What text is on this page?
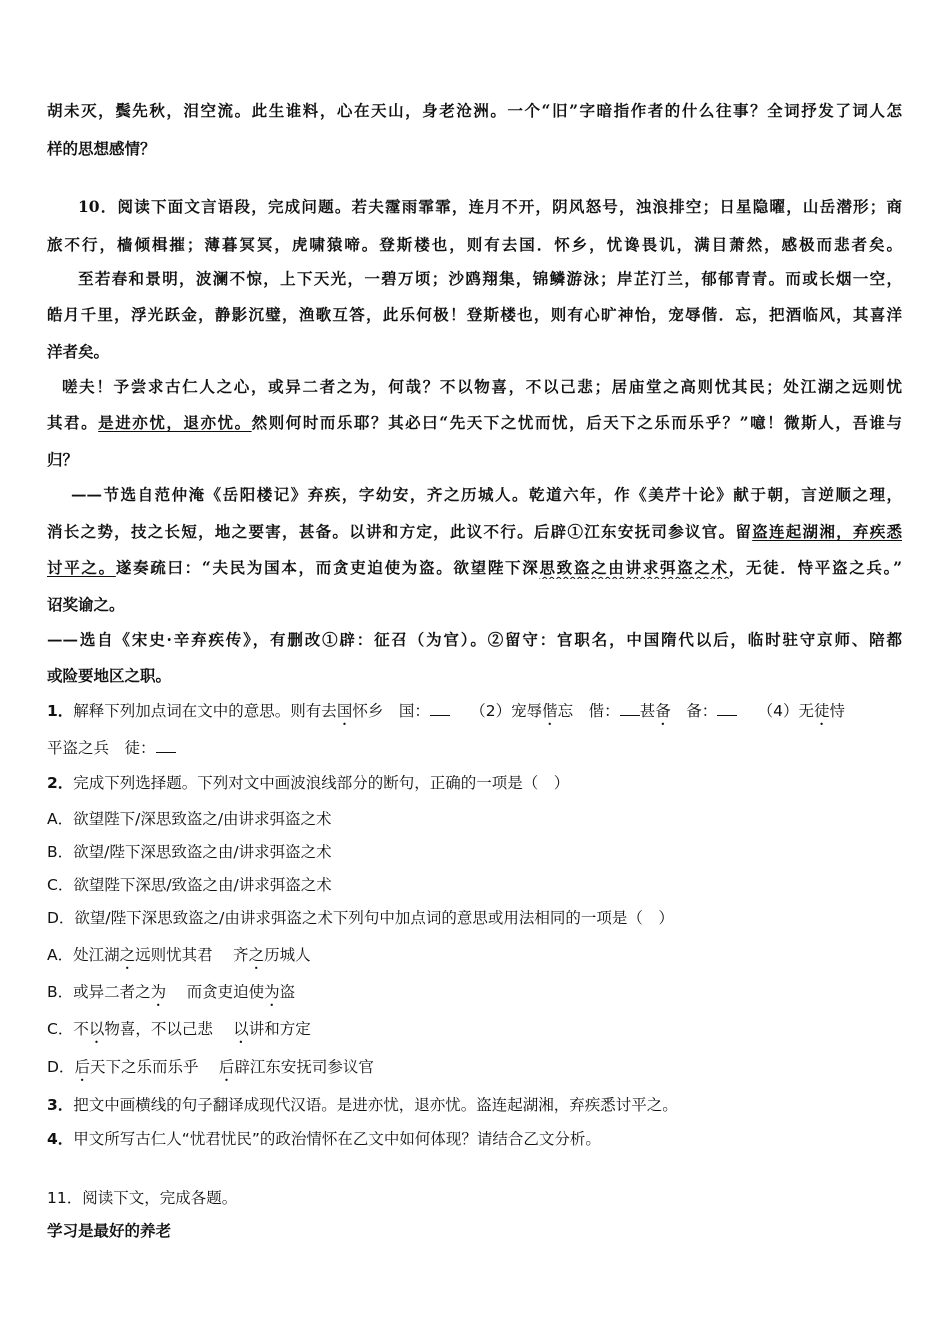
胡未灭，鬓先秋，泪空流。此生谁料，心在天山，身老沧洲。一个“旧”字暗指作者的什么往事？全词抒发了词人怎
样的思想感情？
10．阅读下面文言语段，完成问题。若夫霪雨霏霏，连月不开，阴风怒号，浊浪排空；日星隐曜，山岳潜形；商
旅不行，樯倾楫摧；薄暮冥冥，虎啸猿啼。登斯楼也，则有去国．怀乡，忧谗畏讥，满目萧然，感极而悲者矣。
至若春和景明，波澜不惊，上下天光，一碧万顷；沙鸥翔集，锦鳞游泳；岸芷汀兰，郁郁青青。而或长烟一空，
皓月千里，浮光跃金，静影沉璧，渔歌互答，此乐何极！登斯楼也，则有心旷神怡，宠辱偕．忘，把酒临风，其喜洋
洋者矣。
嗟夫！予尝求古仁人之心，或异二者之为，何哉？不以物喜，不以己悲；居庙堂之高则忧其民；处江湖之远则忧
其君。是进亦忧，退亦忧。然则何时而乐耶？其必曰“先天下之忧而忧，后天下之乐而乐乎？”噫！微斯人，吾谁与
归？
——节选自范仲淹《岳阳楼记》弃疾，字幼安，齐之历城人。乾道六年，作《美芹十论》献于朝，言逆顺之理，
消长之势，技之长短，地之要害，甚备。以讲和方定，此议不行。后辟①江东安抚司参议官。留盗连起湖湘，弃疾悉
讨平之。遂奏疏曰：“夫民为国本，而贪吏迫使为盗。欲望陛下深思致盗之由讲求弭盗之术，无徒．恃平盗之兵。”
诏奖谕之。
——选自《宋史·辛弃疾传》，有删改①辟：征召（为官）。②留守：官职名，中国隋代以后，临时驻守京师、陪都
或险要地区之职。
1．解释下列加点词在文中的意思。则有去国怀乡　国：　	（2）宠辱偕忘　偕： 甚备　备：　	（4）无徒恃
平盗之兵　徒：
2．完成下列选择题。下列对文中画波浪线部分的断句，正确的一项是（　）
A．欲望陛下/深思致盗之/由讲求弭盗之术
B．欲望/陛下深思致盗之由/讲求弭盗之术
C．欲望陛下深思/致盗之由/讲求弭盗之术
D．欲望/陛下深思致盗之/由讲求弭盗之术下列句中加点词的意思或用法相同的一项是（　）
A．处江湖之远则忧其君　 齐之历城人
B．或异二者之为　 而贪吏迫使为盗
C．不以物喜，不以己悲　 以讲和方定
D．后天下之乐而乐乎　 后辟江东安抚司参议官
3．把文中画横线的句子翻译成现代汉语。是进亦忧，退亦忧。盗连起湖湘，弃疾悉讨平之。
4．甲文所写古仁人“忧君忧民”的政治情怀在乙文中如何体现？请结合乙文分析。
11．阅读下文，完成各题。
学习是最好的养老
